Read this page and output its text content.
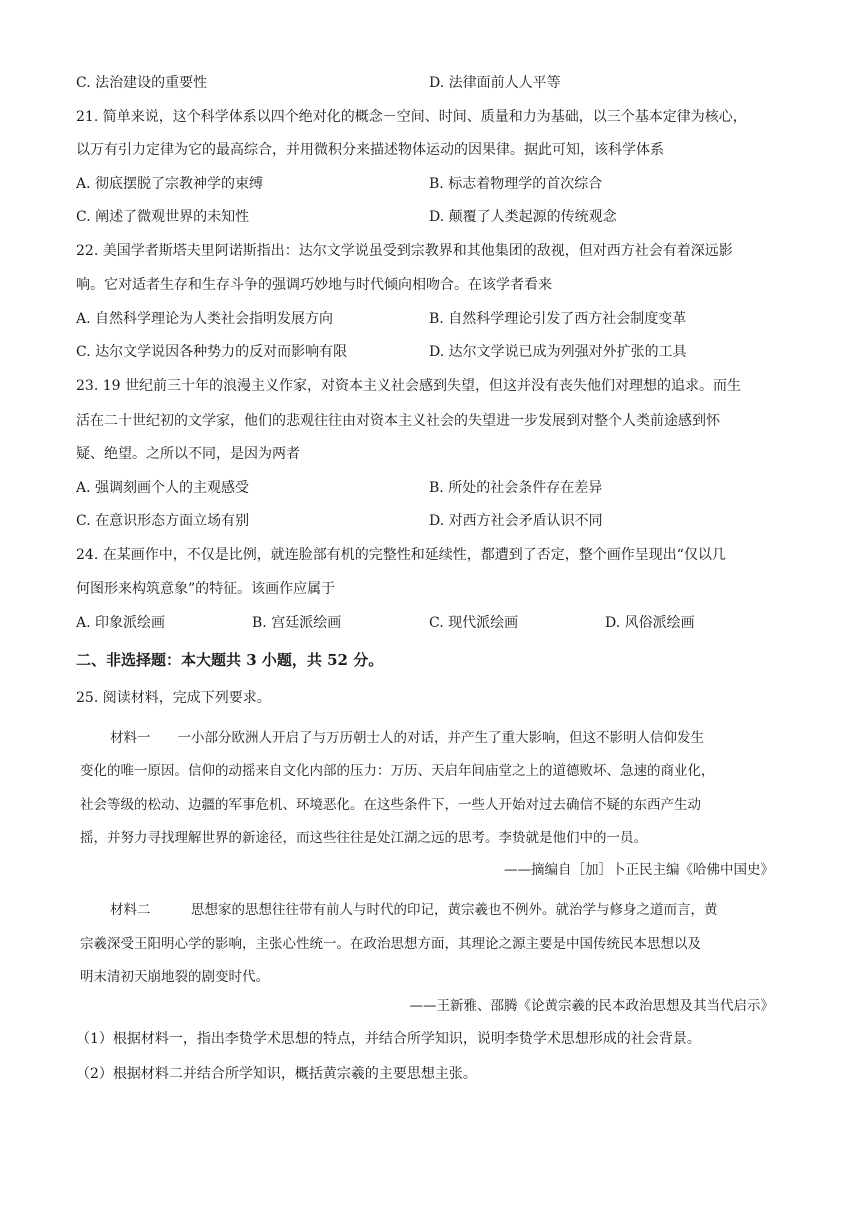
C. 法治建设的重要性	D. 法律面前人人平等
21. 简单来说，这个科学体系以四个绝对化的概念－空间、时间、质量和力为基础，以三个基本定律为核心，
以万有引力定律为它的最高综合，并用微积分来描述物体运动的因果律。据此可知，该科学体系
A. 彻底摆脱了宗教神学的束缚	B. 标志着物理学的首次综合
C. 阐述了微观世界的未知性	D. 颠覆了人类起源的传统观念
22. 美国学者斯塔夫里阿诺斯指出：达尔文学说虽受到宗教界和其他集团的敌视，但对西方社会有着深远影
响。它对适者生存和生存斗争的强调巧妙地与时代倾向相吻合。在该学者看来
A. 自然科学理论为人类社会指明发展方向	B. 自然科学理论引发了西方社会制度变革
C. 达尔文学说因各种势力的反对而影响有限	D. 达尔文学说已成为列强对外扩张的工具
23. 19 世纪前三十年的浪漫主义作家，对资本主义社会感到失望，但这并没有丧失他们对理想的追求。而生
活在二十世纪初的文学家，他们的悲观往往由对资本主义社会的失望进一步发展到对整个人类前途感到怀
疑、绝望。之所以不同，是因为两者
A. 强调刻画个人的主观感受	B. 所处的社会条件存在差异
C. 在意识形态方面立场有别	D. 对西方社会矛盾认识不同
24. 在某画作中，不仅是比例，就连脸部有机的完整性和延续性，都遭到了否定，整个画作呈现出“仅以几
何图形来构筑意象”的特征。该画作应属于
A. 印象派绘画	B. 宫廷派绘画	C. 现代派绘画	D. 风俗派绘画
二、非选择题：本大题共 3 小题，共 52 分。
25. 阅读材料，完成下列要求。
材料一　　一小部分欧洲人开启了与万历朝士人的对话，并产生了重大影响，但这不影明人信仰发生
变化的唯一原因。信仰的动摇来自文化内部的压力：万历、天启年间庙堂之上的道德败坏、急速的商业化，
社会等级的松动、边疆的军事危机、环境恶化。在这些条件下，一些人开始对过去确信不疑的东西产生动
摇，并努力寻找理解世界的新途径，而这些往往是处江湖之远的思考。李贽就是他们中的一员。
——摘编自［加］卜正民主编《哈佛中国史》
材料二　　　思想家的思想往往带有前人与时代的印记，黄宗羲也不例外。就治学与修身之道而言，黄
宗羲深受王阳明心学的影响，主张心性统一。在政治思想方面，其理论之源主要是中国传统民本思想以及
明末清初天崩地裂的剧变时代。
——王新雅、邵腾《论黄宗羲的民本政治思想及其当代启示》
（1）根据材料一，指出李贽学术思想的特点，并结合所学知识，说明李贽学术思想形成的社会背景。
（2）根据材料二并结合所学知识，概括黄宗羲的主要思想主张。
